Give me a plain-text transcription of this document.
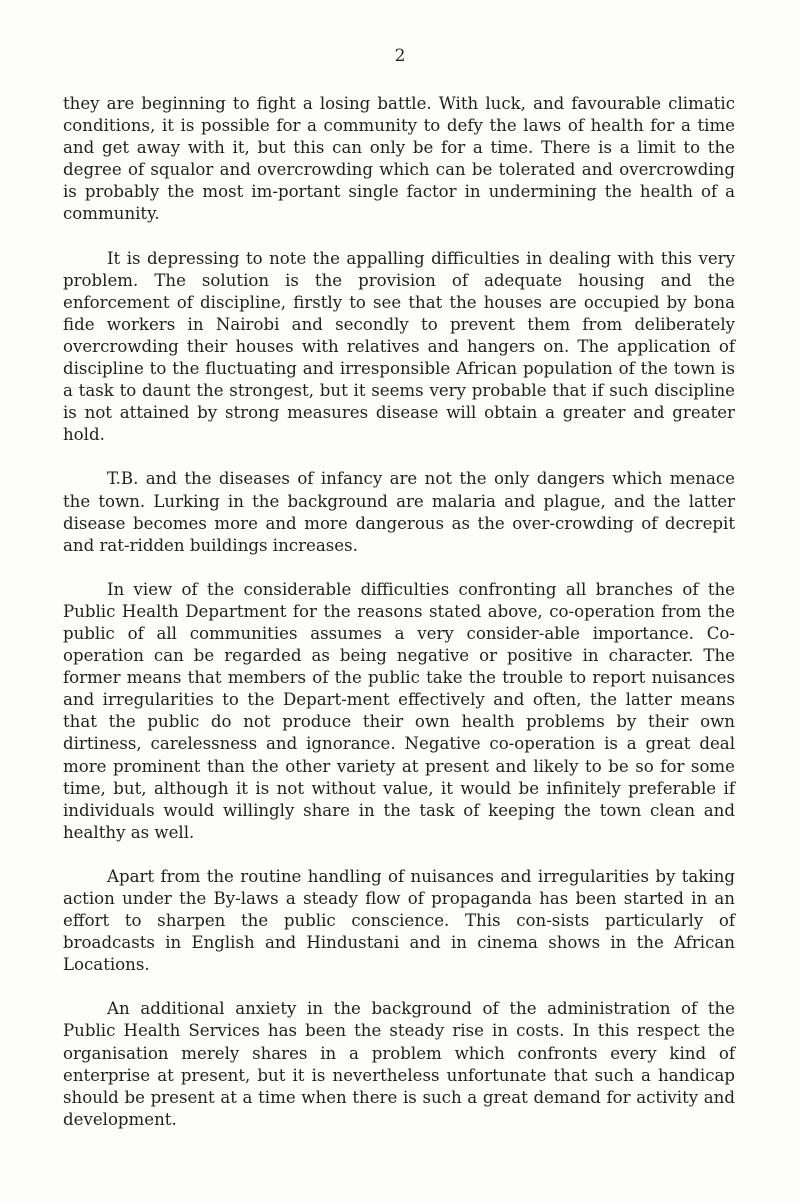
2

they are beginning to fight a losing battle. With luck, and favourable climatic conditions, it is possible for a community to defy the laws of health for a time and get away with it, but this can only be for a time. There is a limit to the degree of squalor and overcrowding which can be tolerated and overcrowding is probably the most im-portant single factor in undermining the health of a community.

It is depressing to note the appalling difficulties in dealing with this very problem. The solution is the provision of adequate housing and the enforcement of discipline, firstly to see that the houses are occupied by bona fide workers in Nairobi and secondly to prevent them from deliberately overcrowding their houses with relatives and hangers on. The application of discipline to the fluctuating and irresponsible African population of the town is a task to daunt the strongest, but it seems very probable that if such discipline is not attained by strong measures disease will obtain a greater and greater hold.

T.B. and the diseases of infancy are not the only dangers which menace the town. Lurking in the background are malaria and plague, and the latter disease becomes more and more dangerous as the over-crowding of decrepit and rat-ridden buildings increases.

In view of the considerable difficulties confronting all branches of the Public Health Department for the reasons stated above, co-operation from the public of all communities assumes a very consider-able importance. Co-operation can be regarded as being negative or positive in character. The former means that members of the public take the trouble to report nuisances and irregularities to the Depart-ment effectively and often, the latter means that the public do not produce their own health problems by their own dirtiness, carelessness and ignorance. Negative co-operation is a great deal more prominent than the other variety at present and likely to be so for some time, but, although it is not without value, it would be infinitely preferable if individuals would willingly share in the task of keeping the town clean and healthy as well.

Apart from the routine handling of nuisances and irregularities by taking action under the By-laws a steady flow of propaganda has been started in an effort to sharpen the public conscience. This con-sists particularly of broadcasts in English and Hindustani and in cinema shows in the African Locations.

An additional anxiety in the background of the administration of the Public Health Services has been the steady rise in costs. In this respect the organisation merely shares in a problem which confronts every kind of enterprise at present, but it is nevertheless unfortunate that such a handicap should be present at a time when there is such a great demand for activity and development.
